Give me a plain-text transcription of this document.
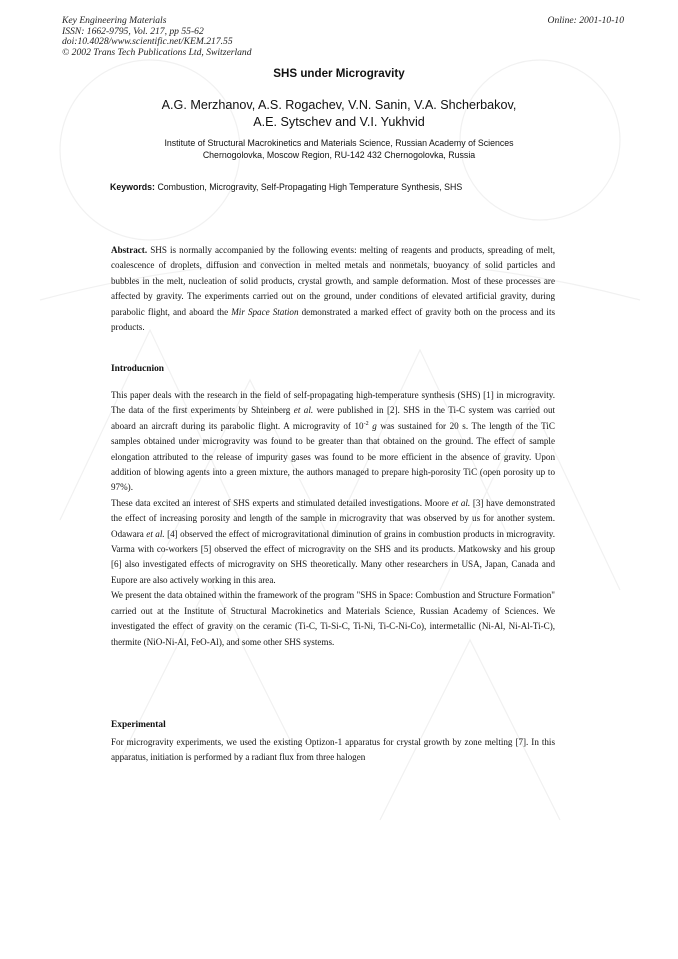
Key Engineering Materials
ISSN: 1662-9795, Vol. 217, pp 55-62
doi:10.4028/www.scientific.net/KEM.217.55
© 2002 Trans Tech Publications Ltd, Switzerland
Online: 2001-10-10
SHS under Microgravity
A.G. Merzhanov, A.S. Rogachev, V.N. Sanin, V.A. Shcherbakov,
A.E. Sytschev and V.I. Yukhvid
Institute of Structural Macrokinetics and Materials Science, Russian Academy of Sciences
Chernogolovka, Moscow Region, RU-142 432 Chernogolovka, Russia
Keywords: Combustion, Microgravity, Self-Propagating High Temperature Synthesis, SHS

Abstract. SHS is normally accompanied by the following events: melting of reagents and products, spreading of melt, coalescence of droplets, diffusion and convection in melted metals and nonmetals, buoyancy of solid particles and bubbles in the melt, nucleation of solid products, crystal growth, and sample deformation. Most of these processes are affected by gravity. The experiments carried out on the ground, under conditions of elevated artificial gravity, during parabolic flight, and aboard the Mir Space Station demonstrated a marked effect of gravity both on the process and its products.

Introducnion

This paper deals with the research in the field of self-propagating high-temperature synthesis (SHS) [1] in microgravity. The data of the first experiments by Shteinberg et al. were published in [2]. SHS in the Ti-C system was carried out aboard an aircraft during its parabolic flight. A microgravity of $10^{-2}$ g was sustained for 20 s. The length of the TiC samples obtained under microgravity was found to be greater than that obtained on the ground. The effect of sample elongation attributed to the release of impurity gases was found to be more efficient in the absence of gravity. Upon addition of blowing agents into a green mixture, the authors managed to prepare high-porosity TiC (open porosity up to 97%).

These data excited an interest of SHS experts and stimulated detailed investigations. Moore et al. [3] have demonstrated the effect of increasing porosity and length of the sample in microgravity that was observed by us for another system. Odawara et al. [4] observed the effect of microgravitational diminution of grains in combustion products in microgravity. Varma with co-workers [5] observed the effect of microgravity on the SHS and its products. Matkowsky and his group [6] also investigated effects of microgravity on SHS theoretically. Many other researchers in USA, Japan, Canada and Eupore are also actively working in this area.

We present the data obtained within the framework of the program "SHS in Space: Combustion and Structure Formation" carried out at the Institute of Structural Macrokinetics and Materials Science, Russian Academy of Sciences. We investigated the effect of gravity on the ceramic (Ti-C, Ti-Si-C, Ti-Ni, Ti-C-Ni-Co), intermetallic (Ni-Al, Ni-Al-Ti-C), thermite (NiO-Ni-Al, FeO-Al), and some other SHS systems.

Experimental

For microgravity experiments, we used the existing Optizon-1 apparatus for crystal growth by zone melting [7]. In this apparatus, initiation is performed by a radiant flux from three halogen
